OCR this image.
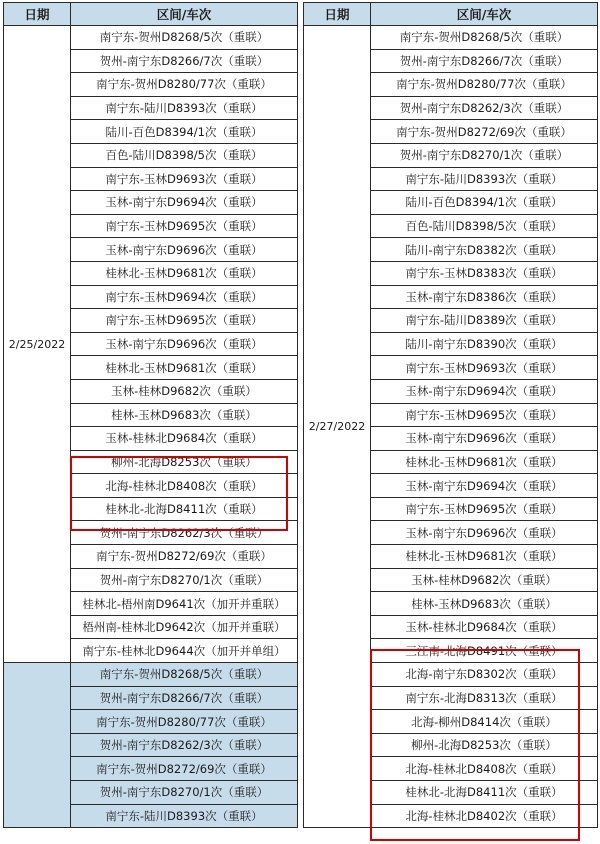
日期	区间/车次
2/25/2022	南宁东-贺州D8268/5次（重联）
	贺州-南宁东D8266/7次（重联）
	南宁东-贺州D8280/77次（重联）
	南宁东-陆川D8393次（重联）
	陆川-百色D8394/1次（重联）
	百色-陆川D8398/5次（重联）
	南宁东-玉林D9693次（重联）
	玉林-南宁东D9694次（重联）
	南宁东-玉林D9695次（重联）
	玉林-南宁东D9696次（重联）
	桂林北-玉林D9681次（重联）
	南宁东-玉林D9694次（重联）
	南宁东-玉林D9695次（重联）
	玉林-南宁东D9696次（重联）
	桂林北-玉林D9681次（重联）
	玉林-桂林D9682次（重联）
	桂林-玉林D9683次（重联）
	玉林-桂林北D9684次（重联）
	柳州-北海D8253次（重联）
	北海-桂林北D8408次（重联）
	桂林北-北海D8411次（重联）
	贺州-南宁东D8262/3次（重联）
	南宁东-贺州D8272/69次（重联）
	贺州-南宁东D8270/1次（重联）
	桂林北-梧州南D9641次（加开并重联）
	梧州南-桂林北D9642次（加开并重联）
	南宁东-桂林北D9644次（加开并单组）
	南宁东-贺州D8268/5次（重联）
	贺州-南宁东D8266/7次（重联）
	南宁东-贺州D8280/77次（重联）
	贺州-南宁东D8262/3次（重联）
	南宁东-贺州D8272/69次（重联）
	贺州-南宁东D8270/1次（重联）
	南宁东-陆川D8393次（重联）
日期	区间/车次
2/27/2022	南宁东-贺州D8268/5次（重联）
	贺州-南宁东D8266/7次（重联）
	南宁东-贺州D8280/77次（重联）
	贺州-南宁东D8262/3次（重联）
	南宁东-贺州D8272/69次（重联）
	贺州-南宁东D8270/1次（重联）
	南宁东-陆川D8393次（重联）
	陆川-百色D8394/1次（重联）
	百色-陆川D8398/5次（重联）
	陆川-南宁东D8382次（重联）
	南宁东-玉林D8383次（重联）
	玉林-南宁东D8386次（重联）
	南宁东-陆川D8389次（重联）
	陆川-南宁东D8390次（重联）
	南宁东-玉林D9693次（重联）
	玉林-南宁东D9694次（重联）
	南宁东-玉林D9695次（重联）
	玉林-南宁东D9696次（重联）
	桂林北-玉林D9681次（重联）
	玉林-南宁东D9694次（重联）
	南宁东-玉林D9695次（重联）
	玉林-南宁东D9696次（重联）
	桂林北-玉林D9681次（重联）
	玉林-桂林D9682次（重联）
	桂林-玉林D9683次（重联）
	玉林-桂林北D9684次（重联）
	三江南-北海D8491次（重联）
	北海-南宁东D8302次（重联）
	南宁东-北海D8313次（重联）
	北海-柳州D8414次（重联）
	柳州-北海D8253次（重联）
	北海-桂林北D8408次（重联）
	桂林北-北海D8411次（重联）
	北海-桂林北D8402次（重联）
